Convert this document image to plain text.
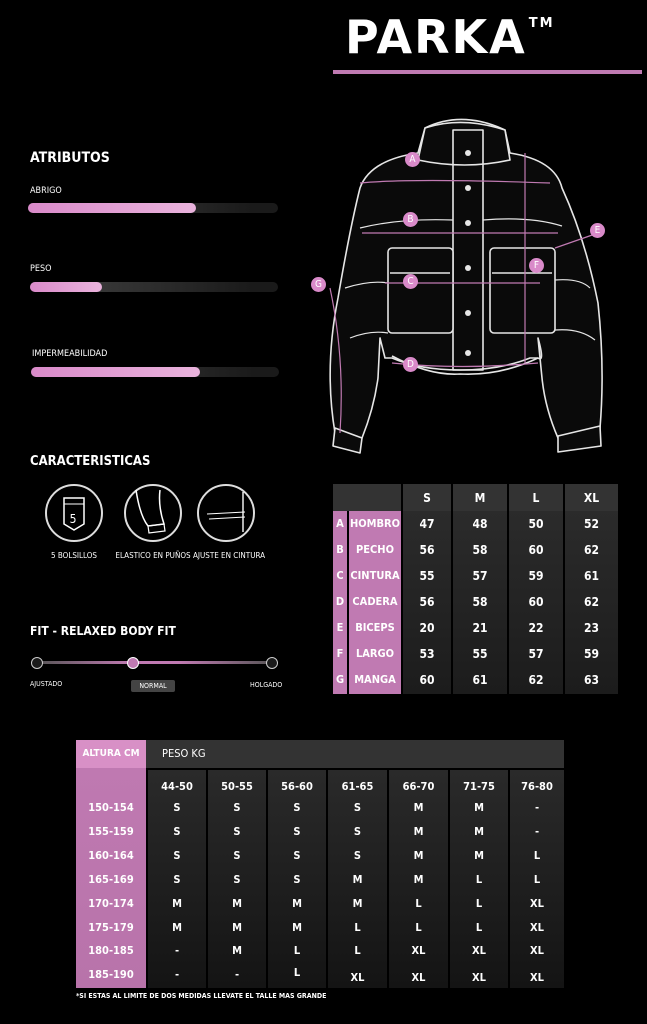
PARKA ™
ATRIBUTOS
ABRIGO
PESO
IMPERMEABILIDAD
A
B
C
D
E
F
G
CARACTERISTICAS
5
5 BOLSILLOS	ELASTICO EN PUÑOS AJUSTE EN CINTURA
FIT - RELAXED BODY FIT
AJUSTADO	NORMAL	HOLGADO
S	M	L	XL
A HOMBRO	47	48	50	52
B	PECHO	56	58	60	62
C CINTURA	55	57	59	61
D CADERA	56	58	60	62
E	BICEPS	20	21	22	23
F	LARGO	53	55	57	59
G MANGA	60	61	62	63
ALTURA CM	PESO KG
44-50	50-55	56-60	61-65	66-70	71-75	76-80
150-154	S	S	S	S	M	M	-
155-159	S	S	S	S	M	M	-
160-164	S	S	S	S	M	M	L
165-169	S	S	S	M	M	L	L
170-174	M	M	M	M	L	L	XL
175-179	M	M	M	L	L	L	XL
180-185	-	M	L	L	XL	XL	XL
185-190	-	-	L	XL	XL	XL	XL
*SI ESTAS AL LIMITE DE DOS MEDIDAS LLEVATE EL TALLE MAS GRANDE
